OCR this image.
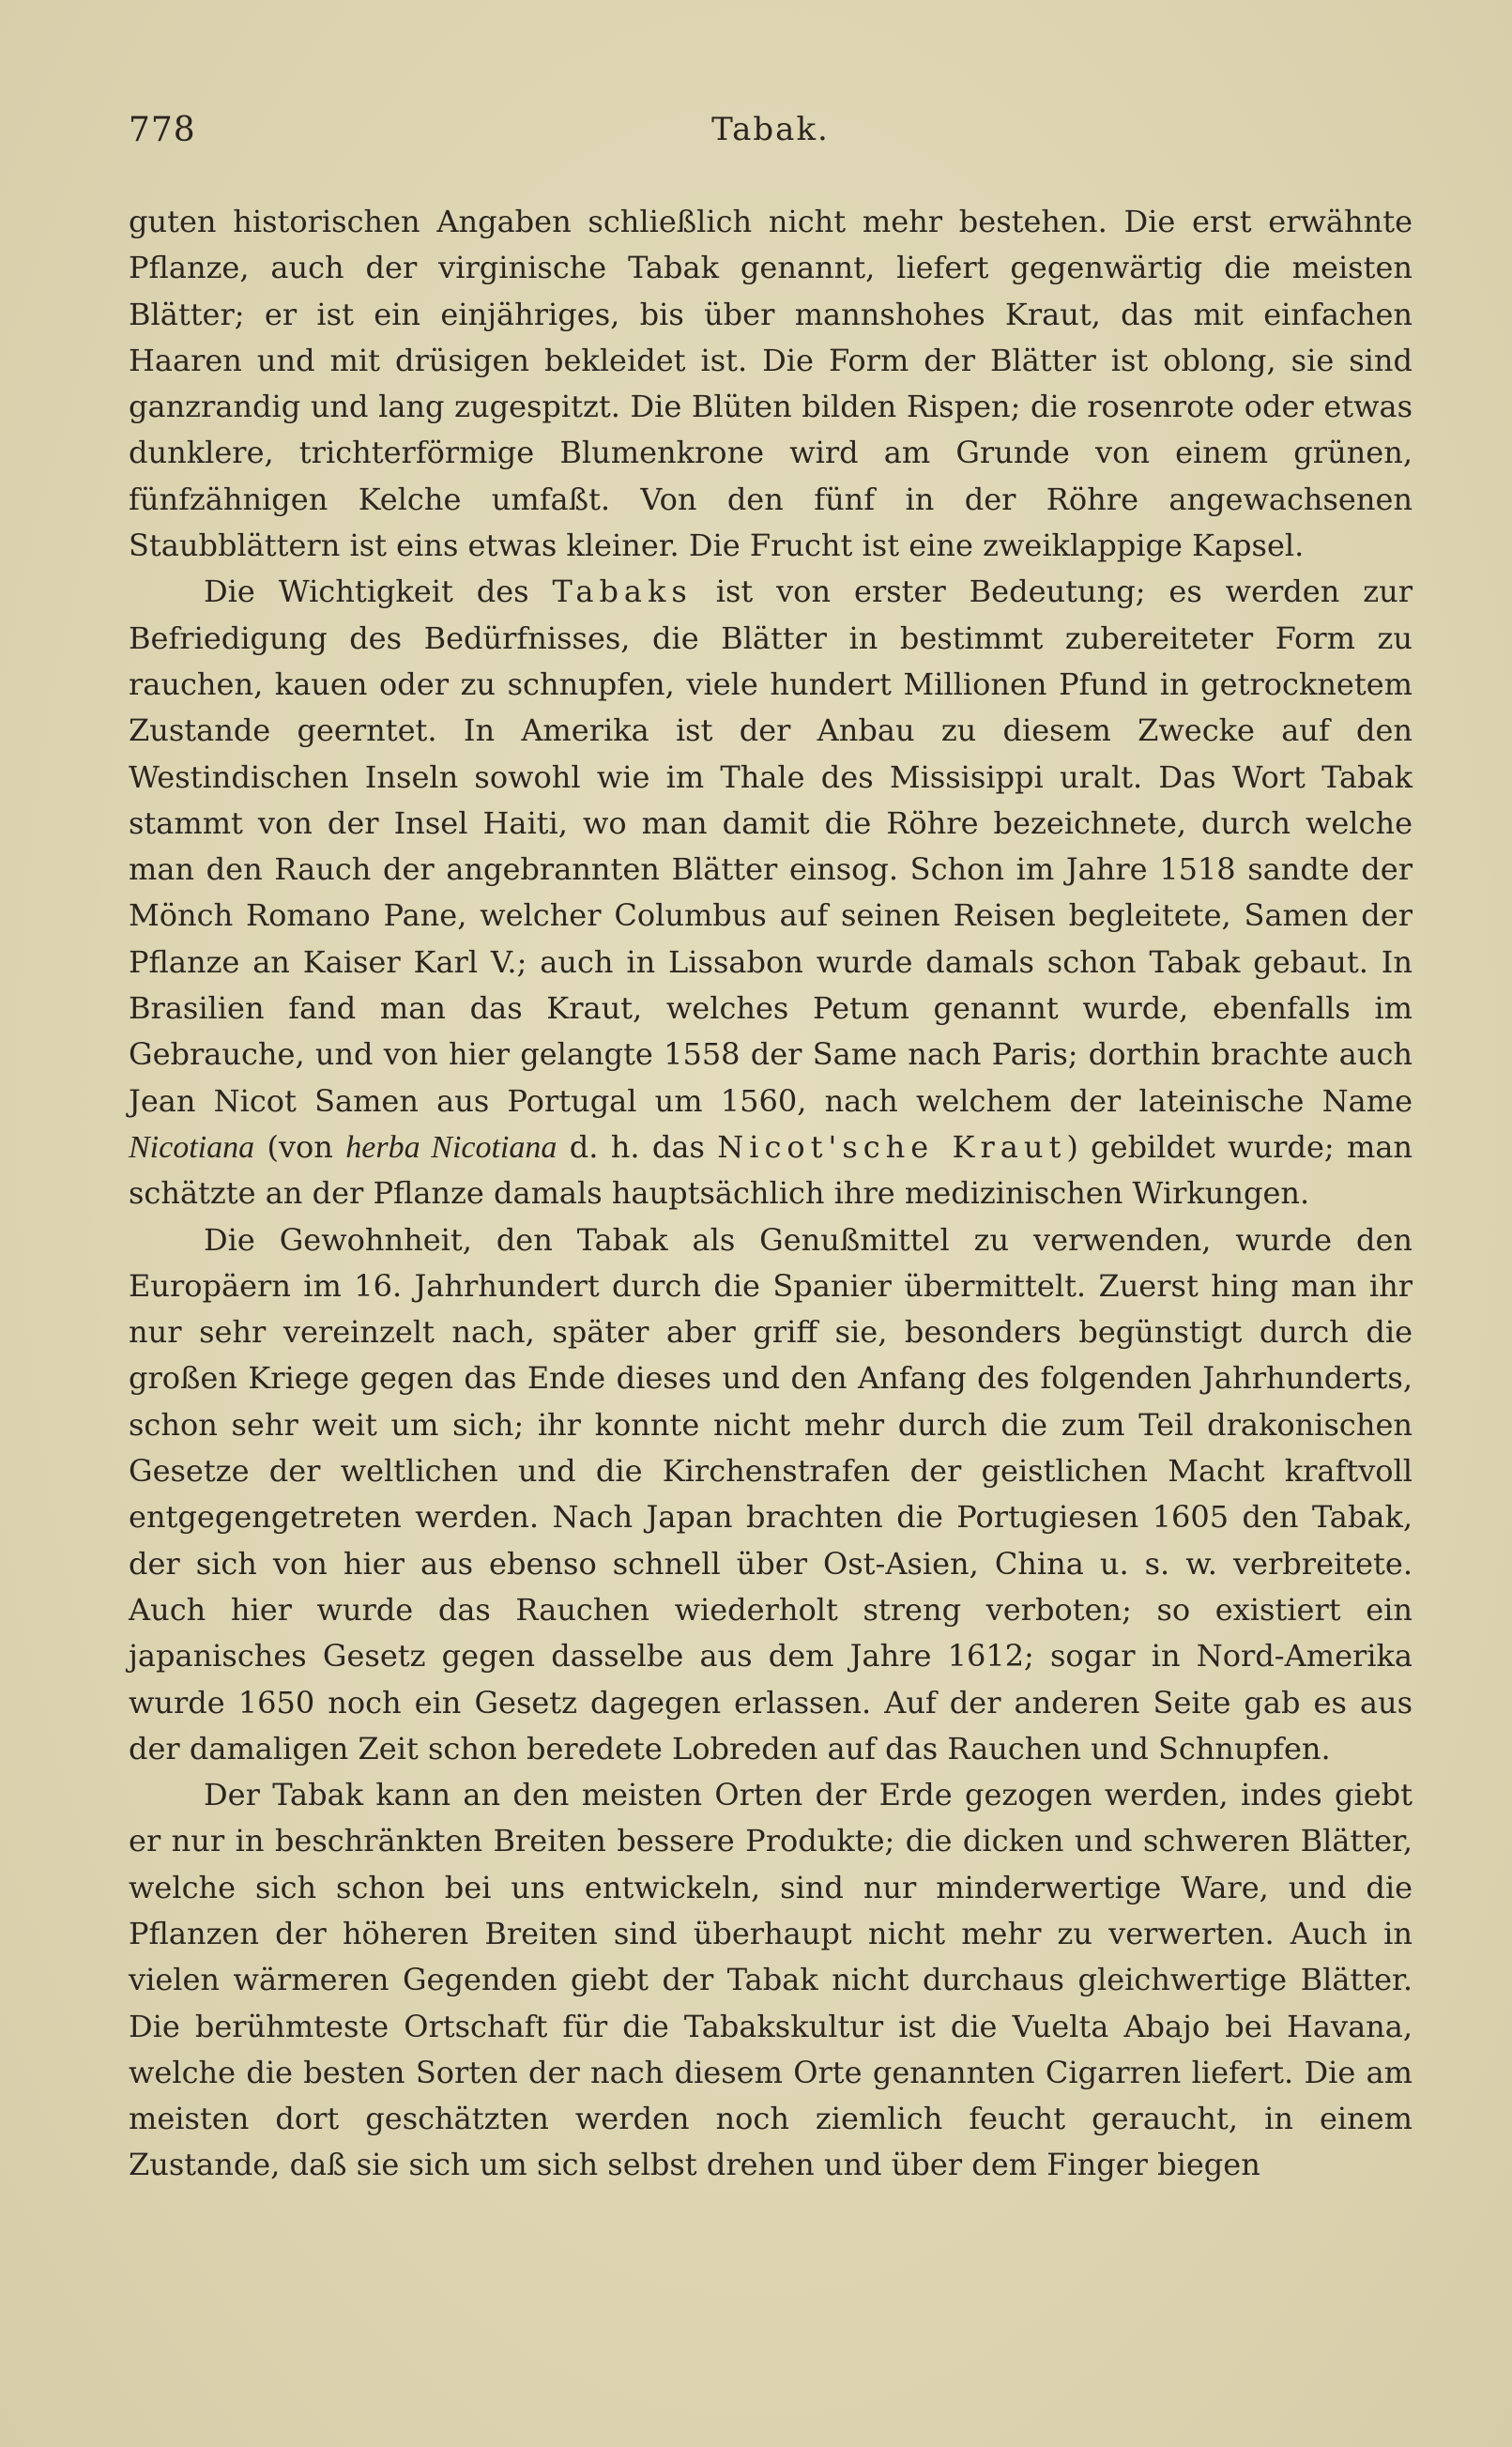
778	Tabak.

guten historischen Angaben schließlich nicht mehr bestehen. Die erst erwähnte Pflanze, auch der virginische Tabak genannt, liefert gegenwärtig die meisten Blätter; er ist ein einjähriges, bis über mannshohes Kraut, das mit einfachen Haaren und mit drüsigen bekleidet ist. Die Form der Blätter ist oblong, sie sind ganzrandig und lang zugespitzt. Die Blüten bilden Rispen; die rosenrote oder etwas dunklere, trichterförmige Blumenkrone wird am Grunde von einem grünen, fünfzähnigen Kelche umfaßt. Von den fünf in der Röhre angewachsenen Staubblättern ist eins etwas kleiner. Die Frucht ist eine zweiklappige Kapsel.

Die Wichtigkeit des Tabaks ist von erster Bedeutung; es werden zur Befriedigung des Bedürfnisses, die Blätter in bestimmt zubereiteter Form zu rauchen, kauen oder zu schnupfen, viele hundert Millionen Pfund in getrocknetem Zustande geerntet. In Amerika ist der Anbau zu diesem Zwecke auf den Westindischen Inseln sowohl wie im Thale des Missisippi uralt. Das Wort Tabak stammt von der Insel Haiti, wo man damit die Röhre bezeichnete, durch welche man den Rauch der angebrannten Blätter einsog. Schon im Jahre 1518 sandte der Mönch Romano Pane, welcher Columbus auf seinen Reisen begleitete, Samen der Pflanze an Kaiser Karl V.; auch in Lissabon wurde damals schon Tabak gebaut. In Brasilien fand man das Kraut, welches Petum genannt wurde, ebenfalls im Gebrauche, und von hier gelangte 1558 der Same nach Paris; dorthin brachte auch Jean Nicot Samen aus Portugal um 1560, nach welchem der lateinische Name Nicotiana (von herba Nicotiana d. h. das Nicot'sche Kraut) gebildet wurde; man schätzte an der Pflanze damals hauptsächlich ihre medizinischen Wirkungen.

Die Gewohnheit, den Tabak als Genußmittel zu verwenden, wurde den Europäern im 16. Jahrhundert durch die Spanier übermittelt. Zuerst hing man ihr nur sehr vereinzelt nach, später aber griff sie, besonders begünstigt durch die großen Kriege gegen das Ende dieses und den Anfang des folgenden Jahrhunderts, schon sehr weit um sich; ihr konnte nicht mehr durch die zum Teil drakonischen Gesetze der weltlichen und die Kirchenstrafen der geistlichen Macht kraftvoll entgegengetreten werden. Nach Japan brachten die Portugiesen 1605 den Tabak, der sich von hier aus ebenso schnell über Ost-Asien, China u. s. w. verbreitete. Auch hier wurde das Rauchen wiederholt streng verboten; so existiert ein japanisches Gesetz gegen dasselbe aus dem Jahre 1612; sogar in Nord-Amerika wurde 1650 noch ein Gesetz dagegen erlassen. Auf der anderen Seite gab es aus der damaligen Zeit schon beredete Lobreden auf das Rauchen und Schnupfen.

Der Tabak kann an den meisten Orten der Erde gezogen werden, indes giebt er nur in beschränkten Breiten bessere Produkte; die dicken und schweren Blätter, welche sich schon bei uns entwickeln, sind nur minderwertige Ware, und die Pflanzen der höheren Breiten sind überhaupt nicht mehr zu verwerten. Auch in vielen wärmeren Gegenden giebt der Tabak nicht durchaus gleichwertige Blätter. Die berühmteste Ortschaft für die Tabakskultur ist die Vuelta Abajo bei Havana, welche die besten Sorten der nach diesem Orte genannten Cigarren liefert. Die am meisten dort geschätzten werden noch ziemlich feucht geraucht, in einem Zustande, daß sie sich um sich selbst drehen und über dem Finger biegen
